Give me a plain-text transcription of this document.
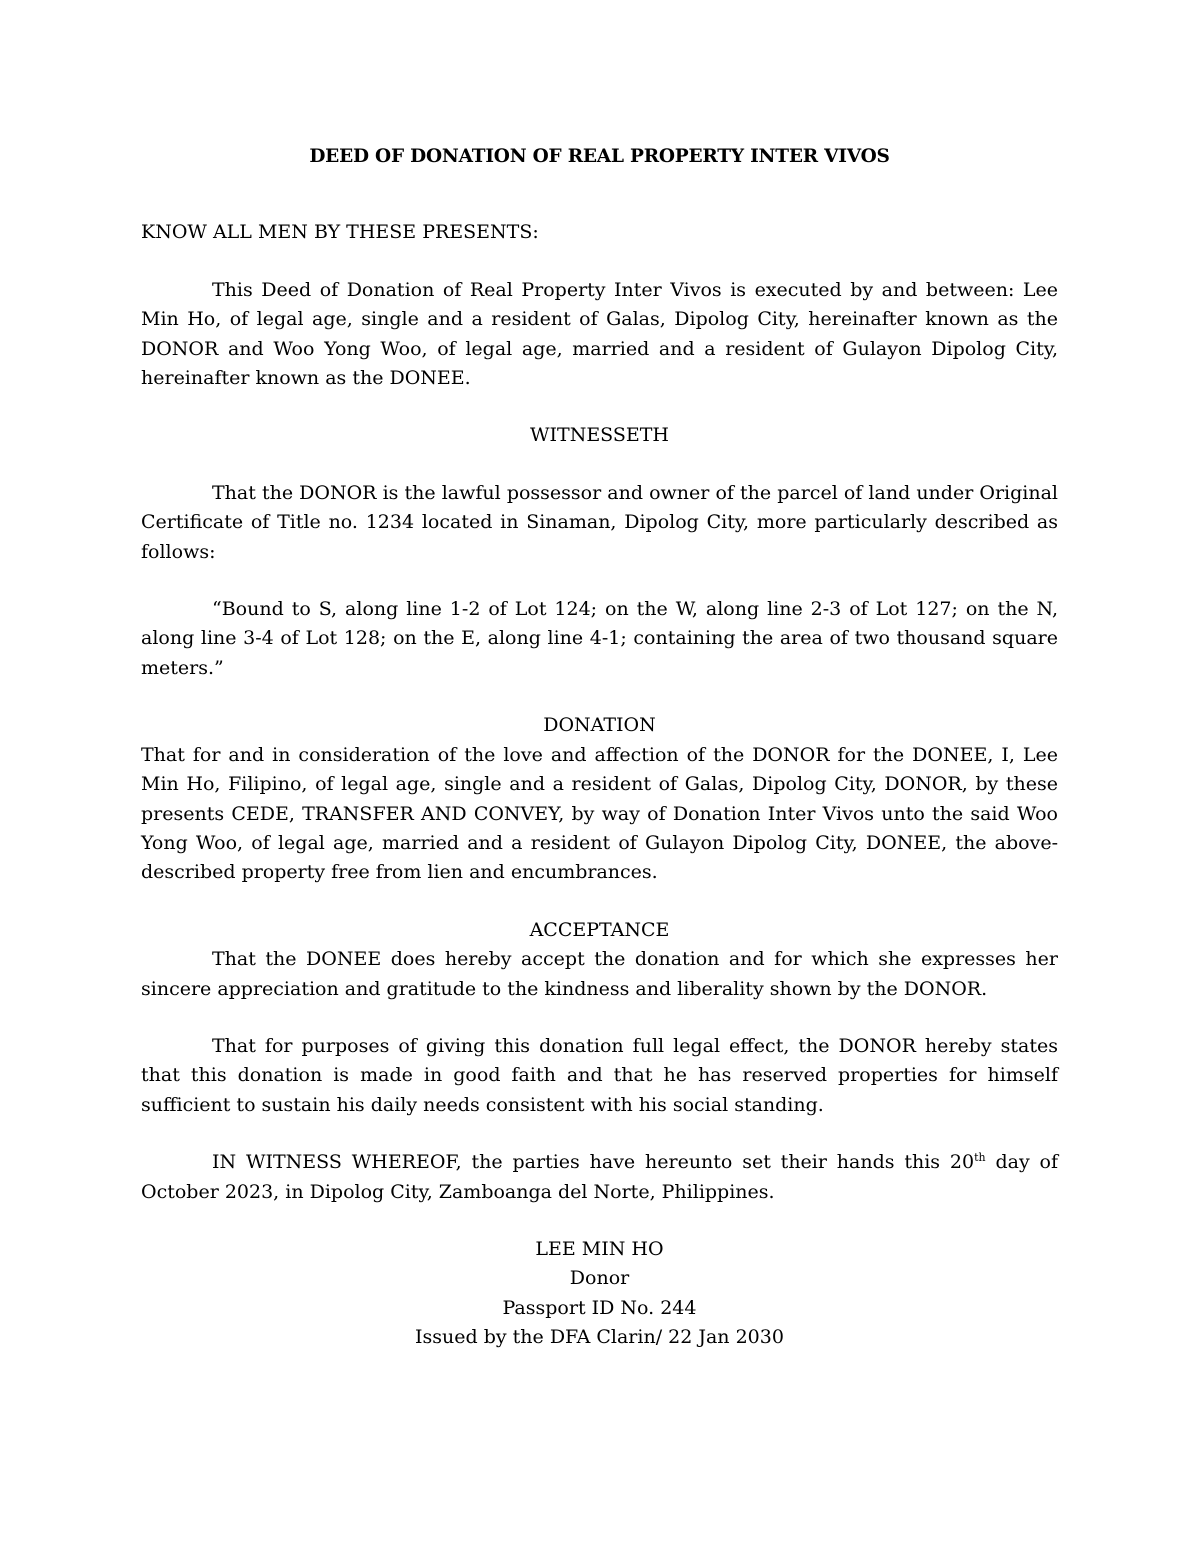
DEED OF DONATION OF REAL PROPERTY INTER VIVOS

KNOW ALL MEN BY THESE PRESENTS:

This Deed of Donation of Real Property Inter Vivos is executed by and between: Lee Min Ho, of legal age, single and a resident of Galas, Dipolog City, hereinafter known as the DONOR and Woo Yong Woo, of legal age, married and a resident of Gulayon Dipolog City, hereinafter known as the DONEE.

WITNESSETH

That the DONOR is the lawful possessor and owner of the parcel of land under Original Certificate of Title no. 1234 located in Sinaman, Dipolog City, more particularly described as follows:

“Bound to S, along line 1-2 of Lot 124; on the W, along line 2-3 of Lot 127; on the N, along line 3-4 of Lot 128; on the E, along line 4-1; containing the area of two thousand square meters.”

DONATION

That for and in consideration of the love and affection of the DONOR for the DONEE, I, Lee Min Ho, Filipino, of legal age, single and a resident of Galas, Dipolog City, DONOR, by these presents CEDE, TRANSFER AND CONVEY, by way of Donation Inter Vivos unto the said Woo Yong Woo, of legal age, married and a resident of Gulayon Dipolog City, DONEE, the above-described property free from lien and encumbrances.

ACCEPTANCE

That the DONEE does hereby accept the donation and for which she expresses her sincere appreciation and gratitude to the kindness and liberality shown by the DONOR.

That for purposes of giving this donation full legal effect, the DONOR hereby states that this donation is made in good faith and that he has reserved properties for himself sufficient to sustain his daily needs consistent with his social standing.

IN WITNESS WHEREOF, the parties have hereunto set their hands this 20th day of October 2023, in Dipolog City, Zamboanga del Norte, Philippines.

LEE MIN HO

Donor

Passport ID No. 244

Issued by the DFA Clarin/ 22 Jan 2030
